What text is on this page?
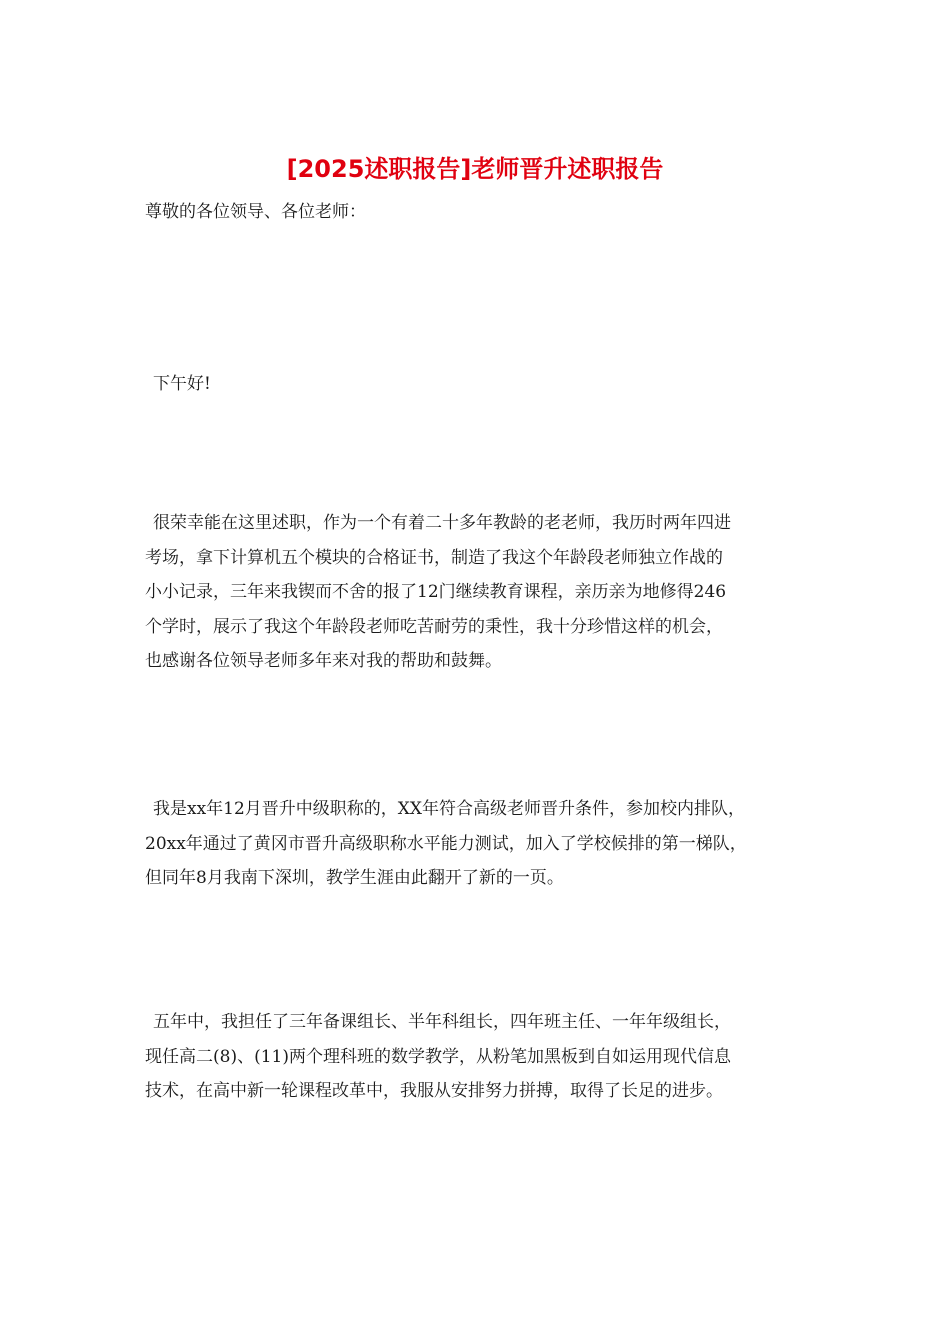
[2025述职报告]老师晋升述职报告

尊敬的各位领导、各位老师：

下午好!

很荣幸能在这里述职，作为一个有着二十多年教龄的老老师，我历时两年四进
考场，拿下计算机五个模块的合格证书，制造了我这个年龄段老师独立作战的
小小记录，三年来我锲而不舍的报了12门继续教育课程，亲历亲为地修得246
个学时，展示了我这个年龄段老师吃苦耐劳的秉性，我十分珍惜这样的机会，
也感谢各位领导老师多年来对我的帮助和鼓舞。

我是xx年12月晋升中级职称的，XX年符合高级老师晋升条件，参加校内排队，
20xx年通过了黄冈市晋升高级职称水平能力测试，加入了学校候排的第一梯队，
但同年8月我南下深圳，教学生涯由此翻开了新的一页。

五年中，我担任了三年备课组长、半年科组长，四年班主任、一年年级组长，
现任高二(8)、(11)两个理科班的数学教学，从粉笔加黑板到自如运用现代信息
技术，在高中新一轮课程改革中，我服从安排努力拼搏，取得了长足的进步。
